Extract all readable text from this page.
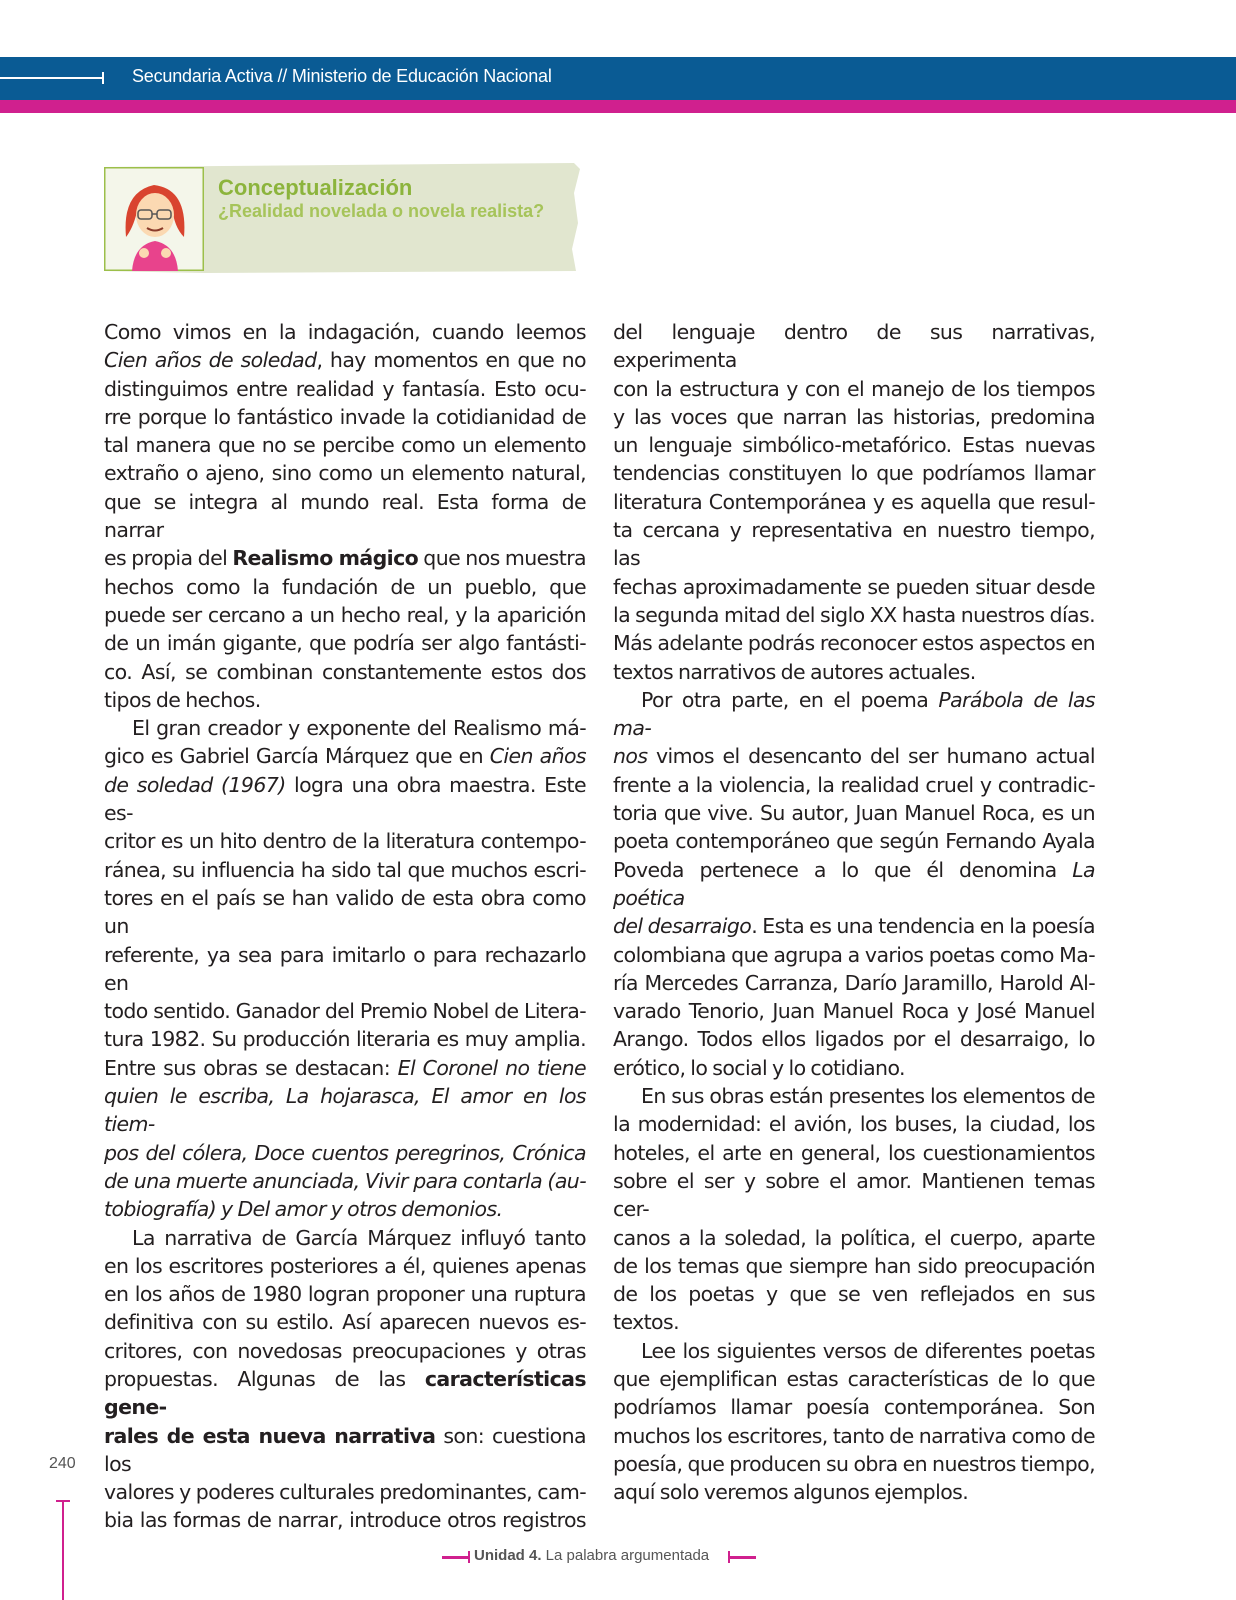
Secundaria Activa // Ministerio de Educación Nacional
Conceptualización
¿Realidad novelada o novela realista?

Como vimos en la indagación, cuando leemos

Cien años de soledad, hay momentos en que no

distinguimos entre realidad y fantasía. Esto ocu-

rre porque lo fantástico invade la cotidianidad de

tal manera que no se percibe como un elemento

extraño o ajeno, sino como un elemento natural,

que se integra al mundo real. Esta forma de narrar

es propia del Realismo mágico que nos muestra

hechos como la fundación de un pueblo, que

puede ser cercano a un hecho real, y la aparición

de un imán gigante, que podría ser algo fantásti-

co. Así, se combinan constantemente estos dos

tipos de hechos.

El gran creador y exponente del Realismo má-

gico es Gabriel García Márquez que en Cien años

de soledad (1967) logra una obra maestra. Este es-

critor es un hito dentro de la literatura contempo-

ránea, su influencia ha sido tal que muchos escri-

tores en el país se han valido de esta obra como un

referente, ya sea para imitarlo o para rechazarlo en

todo sentido. Ganador del Premio Nobel de Litera-

tura 1982. Su producción literaria es muy amplia.

Entre sus obras se destacan: El Coronel no tiene

quien le escriba, La hojarasca, El amor en los tiem-

pos del cólera, Doce cuentos peregrinos, Crónica

de una muerte anunciada, Vivir para contarla (au-

tobiografía) y Del amor y otros demonios.

La narrativa de García Márquez influyó tanto

en los escritores posteriores a él, quienes apenas

en los años de 1980 logran proponer una ruptura

definitiva con su estilo. Así aparecen nuevos es-

critores, con novedosas preocupaciones y otras

propuestas. Algunas de las características gene-

rales de esta nueva narrativa son: cuestiona los

valores y poderes culturales predominantes, cam-

bia las formas de narrar, introduce otros registros

del lenguaje dentro de sus narrativas, experimenta

con la estructura y con el manejo de los tiempos

y las voces que narran las historias, predomina

un lenguaje simbólico-metafórico. Estas nuevas

tendencias constituyen lo que podríamos llamar

literatura Contemporánea y es aquella que resul-

ta cercana y representativa en nuestro tiempo, las

fechas aproximadamente se pueden situar desde

la segunda mitad del siglo XX hasta nuestros días.

Más adelante podrás reconocer estos aspectos en

textos narrativos de autores actuales.

Por otra parte, en el poema Parábola de las ma-

nos vimos el desencanto del ser humano actual

frente a la violencia, la realidad cruel y contradic-

toria que vive. Su autor, Juan Manuel Roca, es un

poeta contemporáneo que según Fernando Ayala

Poveda pertenece a lo que él denomina La poética

del desarraigo. Esta es una tendencia en la poesía

colombiana que agrupa a varios poetas como Ma-

ría Mercedes Carranza, Darío Jaramillo, Harold Al-

varado Tenorio, Juan Manuel Roca y José Manuel

Arango. Todos ellos ligados por el desarraigo, lo

erótico, lo social y lo cotidiano.

En sus obras están presentes los elementos de

la modernidad: el avión, los buses, la ciudad, los

hoteles, el arte en general, los cuestionamientos

sobre el ser y sobre el amor. Mantienen temas cer-

canos a la soledad, la política, el cuerpo, aparte

de los temas que siempre han sido preocupación

de los poetas y que se ven reflejados en sus textos.

Lee los siguientes versos de diferentes poetas

que ejemplifican estas características de lo que

podríamos llamar poesía contemporánea. Son

muchos los escritores, tanto de narrativa como de

poesía, que producen su obra en nuestros tiempo,

aquí solo veremos algunos ejemplos.

240
Unidad 4. La palabra argumentada
